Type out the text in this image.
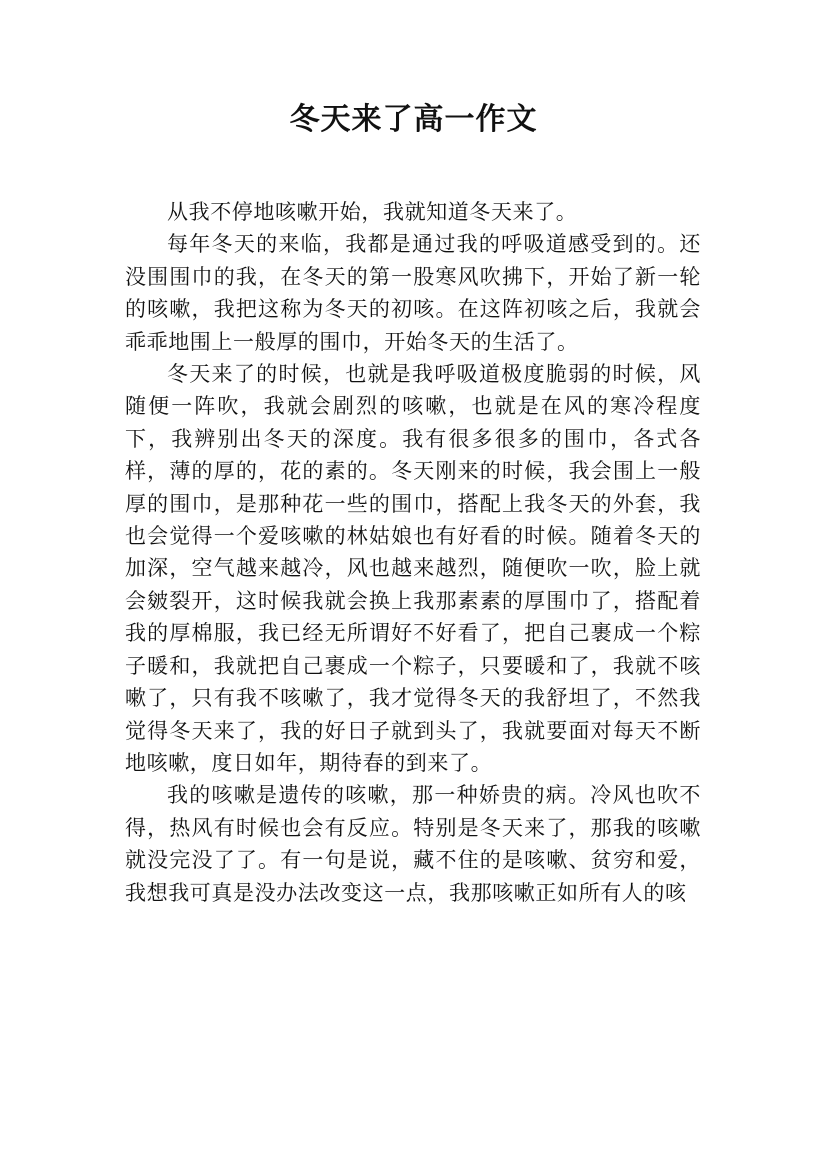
冬天来了高一作文

从我不停地咳嗽开始，我就知道冬天来了。

每年冬天的来临，我都是通过我的呼吸道感受到的。还没围围巾的我，在冬天的第一股寒风吹拂下，开始了新一轮的咳嗽，我把这称为冬天的初咳。在这阵初咳之后，我就会乖乖地围上一般厚的围巾，开始冬天的生活了。

冬天来了的时候，也就是我呼吸道极度脆弱的时候，风随便一阵吹，我就会剧烈的咳嗽，也就是在风的寒冷程度下，我辨别出冬天的深度。我有很多很多的围巾，各式各样，薄的厚的，花的素的。冬天刚来的时候，我会围上一般厚的围巾，是那种花一些的围巾，搭配上我冬天的外套，我也会觉得一个爱咳嗽的林姑娘也有好看的时候。随着冬天的加深，空气越来越冷，风也越来越烈，随便吹一吹，脸上就会皴裂开，这时候我就会换上我那素素的厚围巾了，搭配着我的厚棉服，我已经无所谓好不好看了，把自己裹成一个粽子暖和，我就把自己裹成一个粽子，只要暖和了，我就不咳嗽了，只有我不咳嗽了，我才觉得冬天的我舒坦了，不然我觉得冬天来了，我的好日子就到头了，我就要面对每天不断地咳嗽，度日如年，期待春的到来了。

我的咳嗽是遗传的咳嗽，那一种娇贵的病。冷风也吹不得，热风有时候也会有反应。特别是冬天来了，那我的咳嗽就没完没了了。有一句是说，藏不住的是咳嗽、贫穷和爱，我想我可真是没办法改变这一点，我那咳嗽正如所有人的咳
